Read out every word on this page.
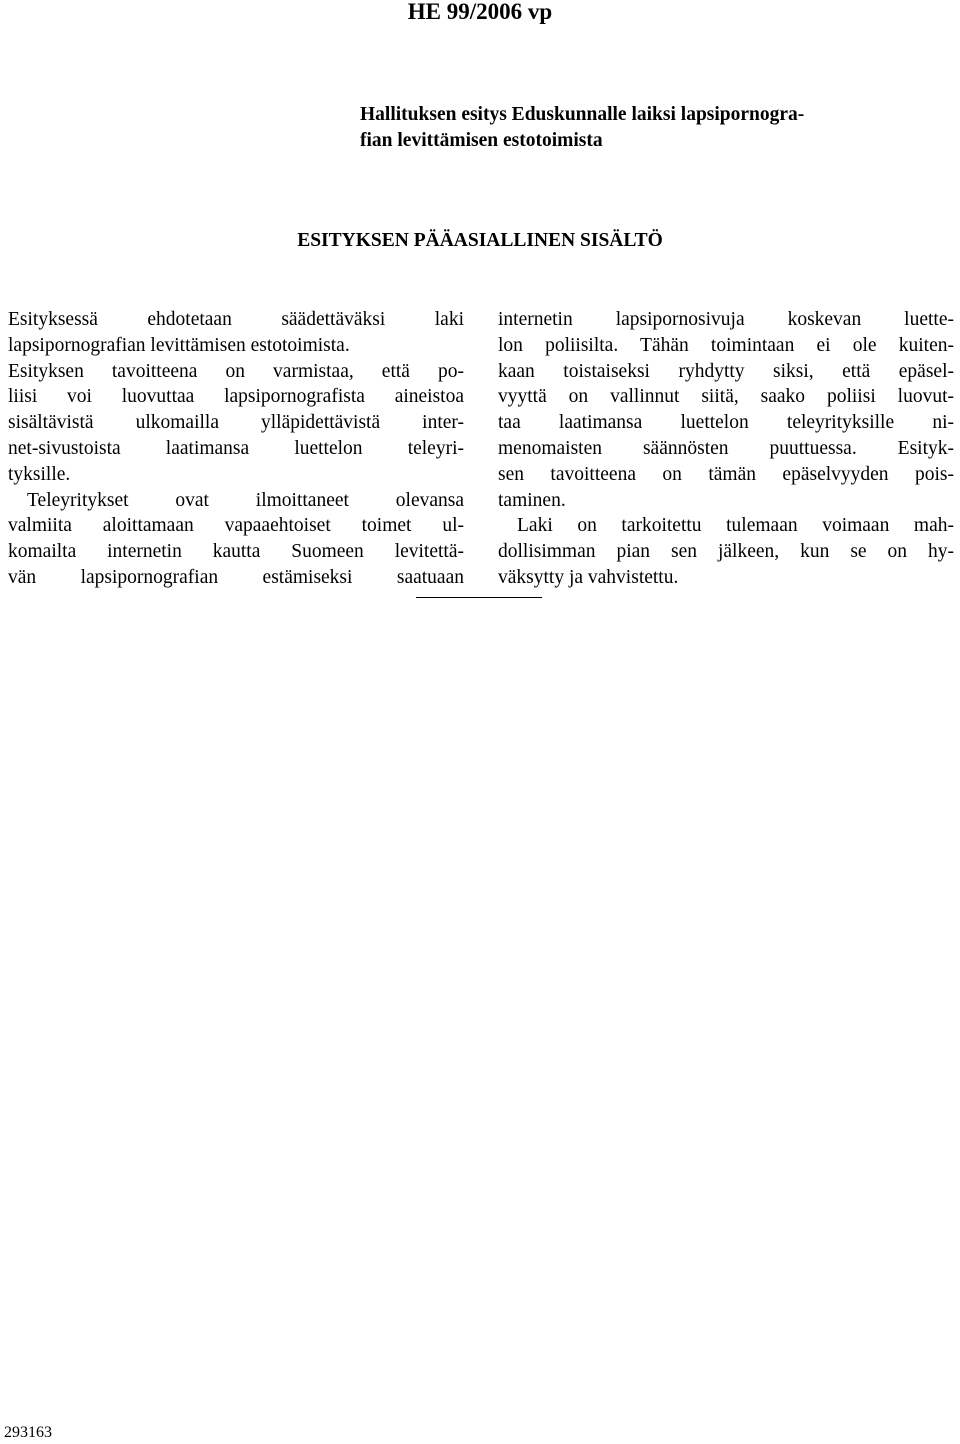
HE 99/2006 vp
Hallituksen esitys Eduskunnalle laiksi lapsipornogra-
fian levittämisen estotoimista
ESITYKSEN PÄÄASIALLINEN SISÄLTÖ
Esityksessä ehdotetaan säädettäväksi laki
lapsipornografian levittämisen estotoimista.
Esityksen tavoitteena on varmistaa, että po-
liisi voi luovuttaa lapsipornografista aineistoa
sisältävistä ulkomailla ylläpidettävistä inter-
net-sivustoista laatimansa luettelon teleyri-
tyksille.
Teleyritykset ovat ilmoittaneet olevansa
valmiita aloittamaan vapaaehtoiset toimet ul-
komailta internetin kautta Suomeen levitettä-
vän lapsipornografian estämiseksi saatuaan
internetin lapsipornosivuja koskevan luette-
lon poliisilta. Tähän toimintaan ei ole kuiten-
kaan toistaiseksi ryhdytty siksi, että epäsel-
vyyttä on vallinnut siitä, saako poliisi luovut-
taa laatimansa luettelon teleyrityksille ni-
menomaisten säännösten puuttuessa. Esityk-
sen tavoitteena on tämän epäselvyyden pois-
taminen.
Laki on tarkoitettu tulemaan voimaan mah-
dollisimman pian sen jälkeen, kun se on hy-
väksytty ja vahvistettu.
293163
